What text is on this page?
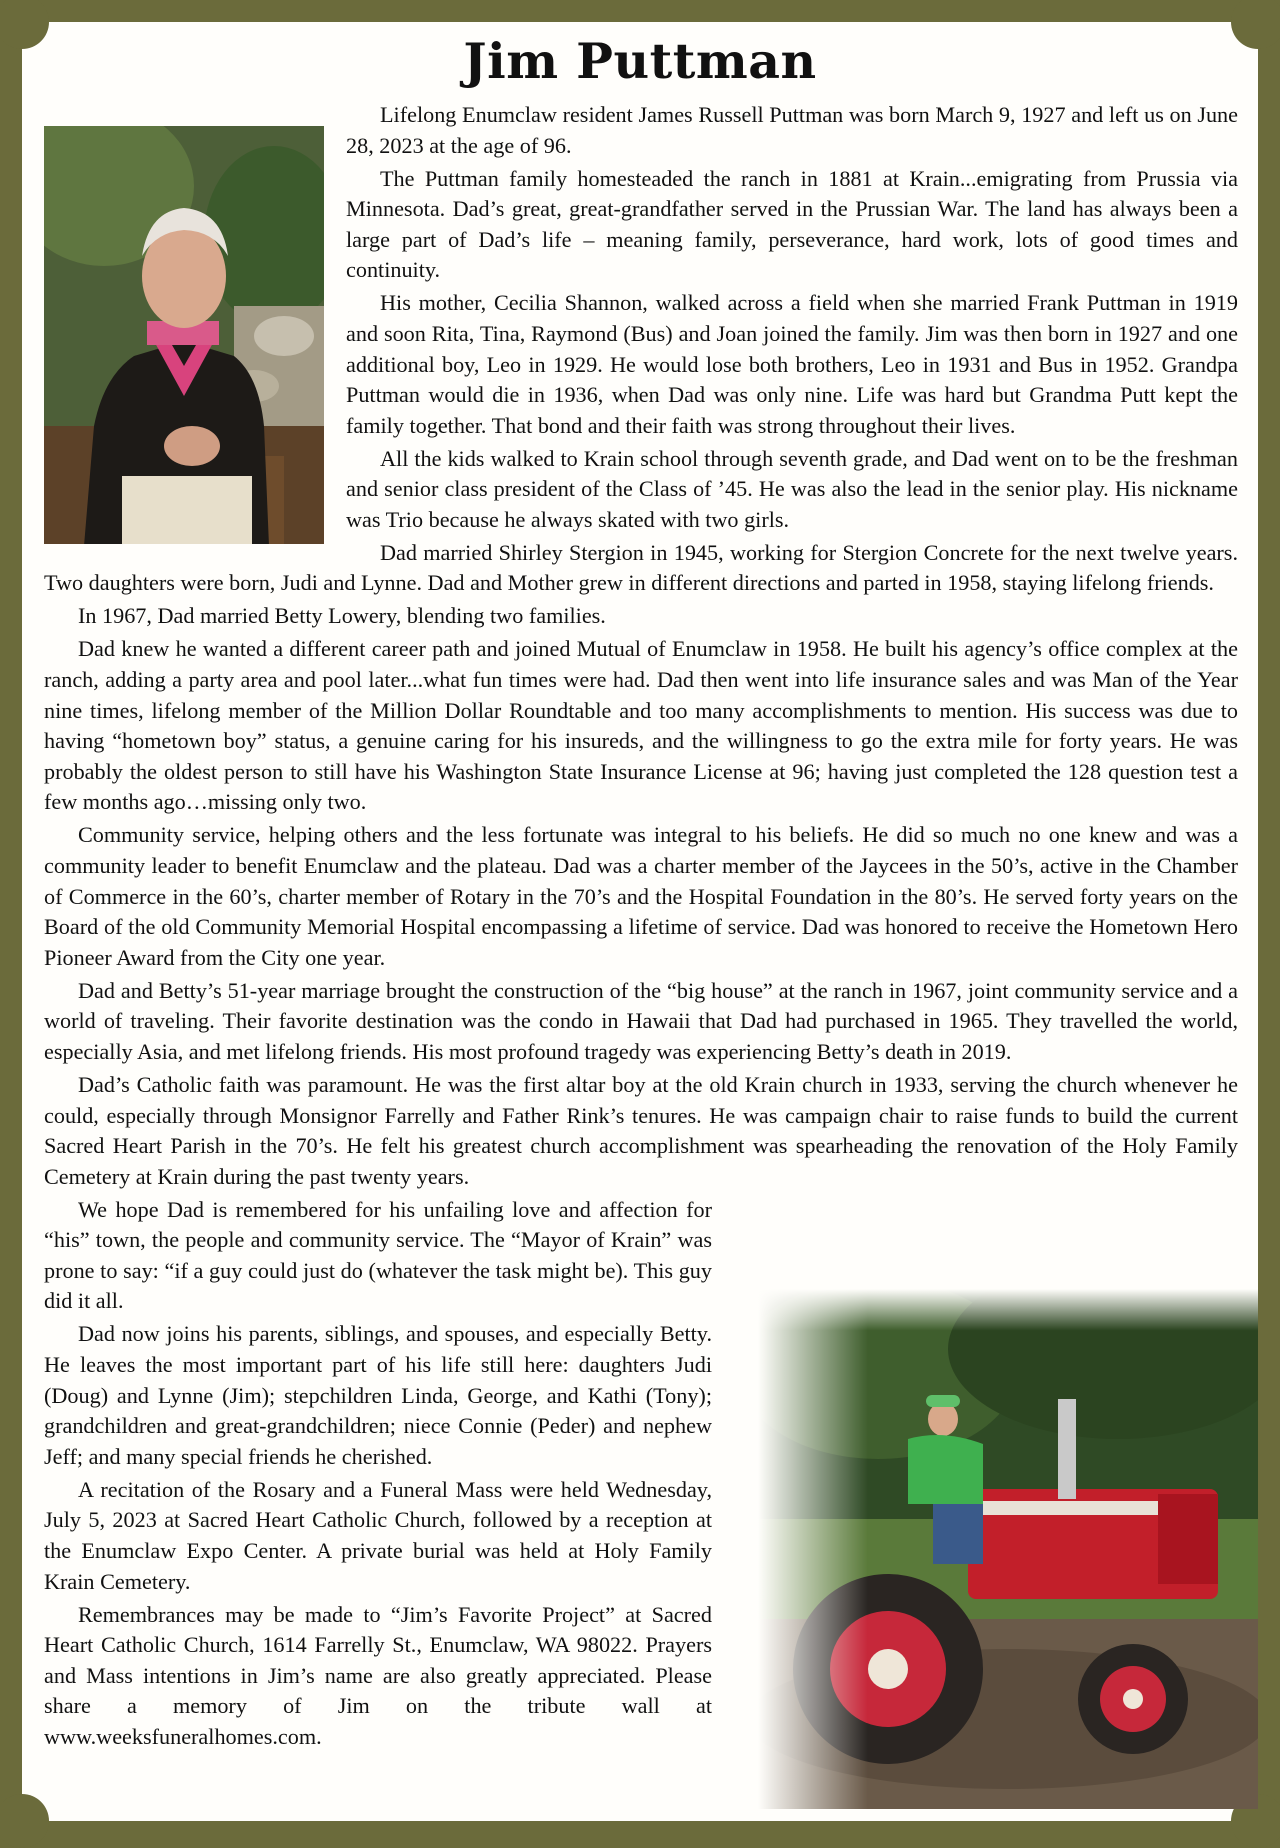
Jim Puttman

Lifelong Enumclaw resident James Russell Puttman was born March 9, 1927 and left us on June 28, 2023 at the age of 96.

The Puttman family homesteaded the ranch in 1881 at Krain...emigrating from Prussia via Minnesota. Dad’s great, great-grandfather served in the Prussian War. The land has always been a large part of Dad’s life – meaning family, perseverance, hard work, lots of good times and continuity.

His mother, Cecilia Shannon, walked across a field when she married Frank Puttman in 1919 and soon Rita, Tina, Raymond (Bus) and Joan joined the family. Jim was then born in 1927 and one additional boy, Leo in 1929. He would lose both brothers, Leo in 1931 and Bus in 1952. Grandpa Puttman would die in 1936, when Dad was only nine. Life was hard but Grandma Putt kept the family together. That bond and their faith was strong throughout their lives.

All the kids walked to Krain school through seventh grade, and Dad went on to be the freshman and senior class president of the Class of ’45. He was also the lead in the senior play. His nickname was Trio because he always skated with two girls.

Dad married Shirley Stergion in 1945, working for Stergion Concrete for the next twelve years. Two daughters were born, Judi and Lynne. Dad and Mother grew in different directions and parted in 1958, staying lifelong friends.

In 1967, Dad married Betty Lowery, blending two families.

Dad knew he wanted a different career path and joined Mutual of Enumclaw in 1958. He built his agency’s office complex at the ranch, adding a party area and pool later...what fun times were had. Dad then went into life insurance sales and was Man of the Year nine times, lifelong member of the Million Dollar Roundtable and too many accomplishments to mention. His success was due to having “hometown boy” status, a genuine caring for his insureds, and the willingness to go the extra mile for forty years. He was probably the oldest person to still have his Washington State Insurance License at 96; having just completed the 128 question test a few months ago…missing only two.

Community service, helping others and the less fortunate was integral to his beliefs. He did so much no one knew and was a community leader to benefit Enumclaw and the plateau. Dad was a charter member of the Jaycees in the 50’s, active in the Chamber of Commerce in the 60’s, charter member of Rotary in the 70’s and the Hospital Foundation in the 80’s. He served forty years on the Board of the old Community Memorial Hospital encompassing a lifetime of service. Dad was honored to receive the Hometown Hero Pioneer Award from the City one year.

Dad and Betty’s 51-year marriage brought the construction of the “big house” at the ranch in 1967, joint community service and a world of traveling. Their favorite destination was the condo in Hawaii that Dad had purchased in 1965. They travelled the world, especially Asia, and met lifelong friends. His most profound tragedy was experiencing Betty’s death in 2019.

Dad’s Catholic faith was paramount. He was the first altar boy at the old Krain church in 1933, serving the church whenever he could, especially through Monsignor Farrelly and Father Rink’s tenures. He was campaign chair to raise funds to build the current Sacred Heart Parish in the 70’s. He felt his greatest church accomplishment was spearheading the renovation of the Holy Family Cemetery at Krain during the past twenty years.

We hope Dad is remembered for his unfailing love and affection for “his” town, the people and community service. The “Mayor of Krain” was prone to say: “if a guy could just do (whatever the task might be). This guy did it all.

Dad now joins his parents, siblings, and spouses, and especially Betty. He leaves the most important part of his life still here: daughters Judi (Doug) and Lynne (Jim); stepchildren Linda, George, and Kathi (Tony); grandchildren and great-grandchildren; niece Connie (Peder) and nephew Jeff; and many special friends he cherished.

A recitation of the Rosary and a Funeral Mass were held Wednesday, July 5, 2023 at Sacred Heart Catholic Church, followed by a reception at the Enumclaw Expo Center. A private burial was held at Holy Family Krain Cemetery.

Remembrances may be made to “Jim’s Favorite Project” at Sacred Heart Catholic Church, 1614 Farrelly St., Enumclaw, WA 98022. Prayers and Mass intentions in Jim’s name are also greatly appreciated. Please share a memory of Jim on the tribute wall at www.weeksfuneralhomes.com.
